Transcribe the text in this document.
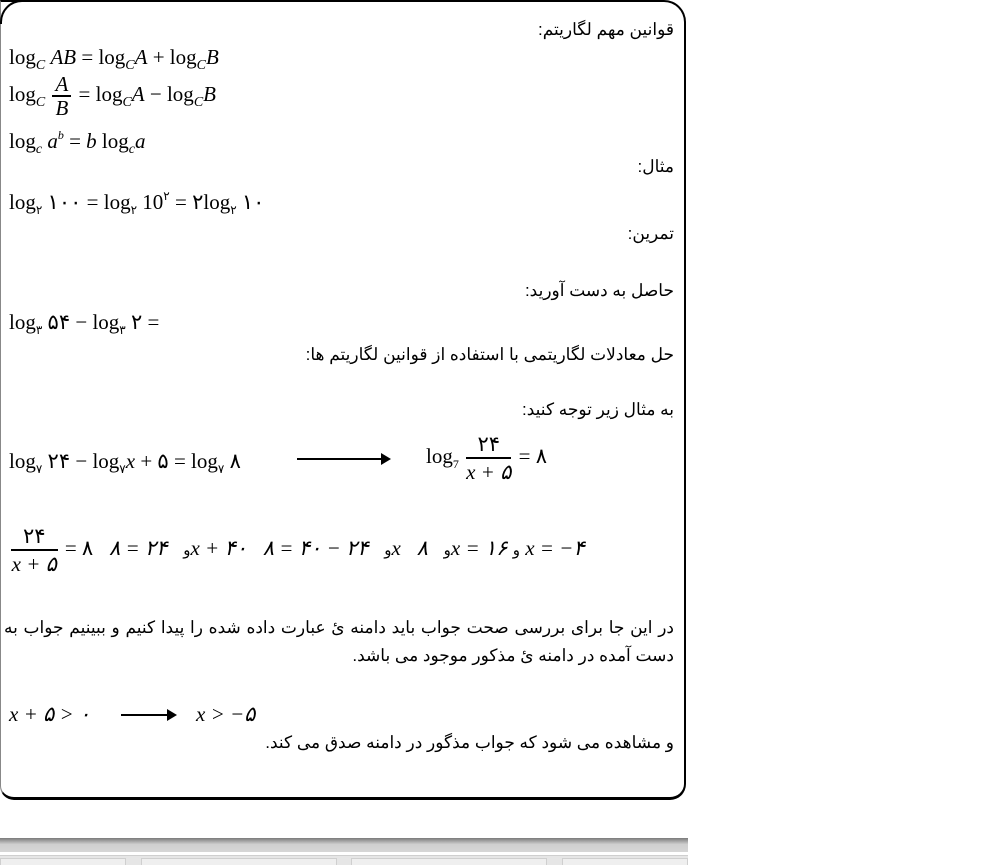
قوانین مهم لگاریتم:
$\log_C$ AB = $\log_CA + \log_CB$
$\log_C \frac{A}{B} = \log_CA - \log_CB$
$\log_c a^b = b$ $\log_ca$
مثال:
$\log_۲$ ۱۰۰ = $\log_۲ 10^۲$ = $۲\log_۲$ ۱۰
تمرین:
حاصل به دست آورید:
$\log_۳$ ۵۴ − $\log_۳$ ۲ =
حل معادلات لگاریتمی با استفاده از قوانین لگاریتم ها:
به مثال زیر توجه کنید:
$\log_۷$ ۲۴ − $\log_۷x$ + ۵ = $\log_۷$ ۸	$\log_7 \frac{۲۴}{x + ۵}$ = ۸
$\frac{۲۴}{x + ۵}$ = ۸	و   ۲۴ = ۸x + ۴۰	و   ۲۴ − ۴۰ = ۸x	و   ۸x = ۱۶ و x = −۴
در این جا برای بررسی صحت جواب باید دامنه ئ عبارت داده شده را پیدا کنیم و ببینیم جواب به دست آمده در دامنه ئ مذکور موجود می باشد.
x + ۵ > ۰	x > −۵
و مشاهده می شود که جواب مذگور در دامنه صدق می کند.
